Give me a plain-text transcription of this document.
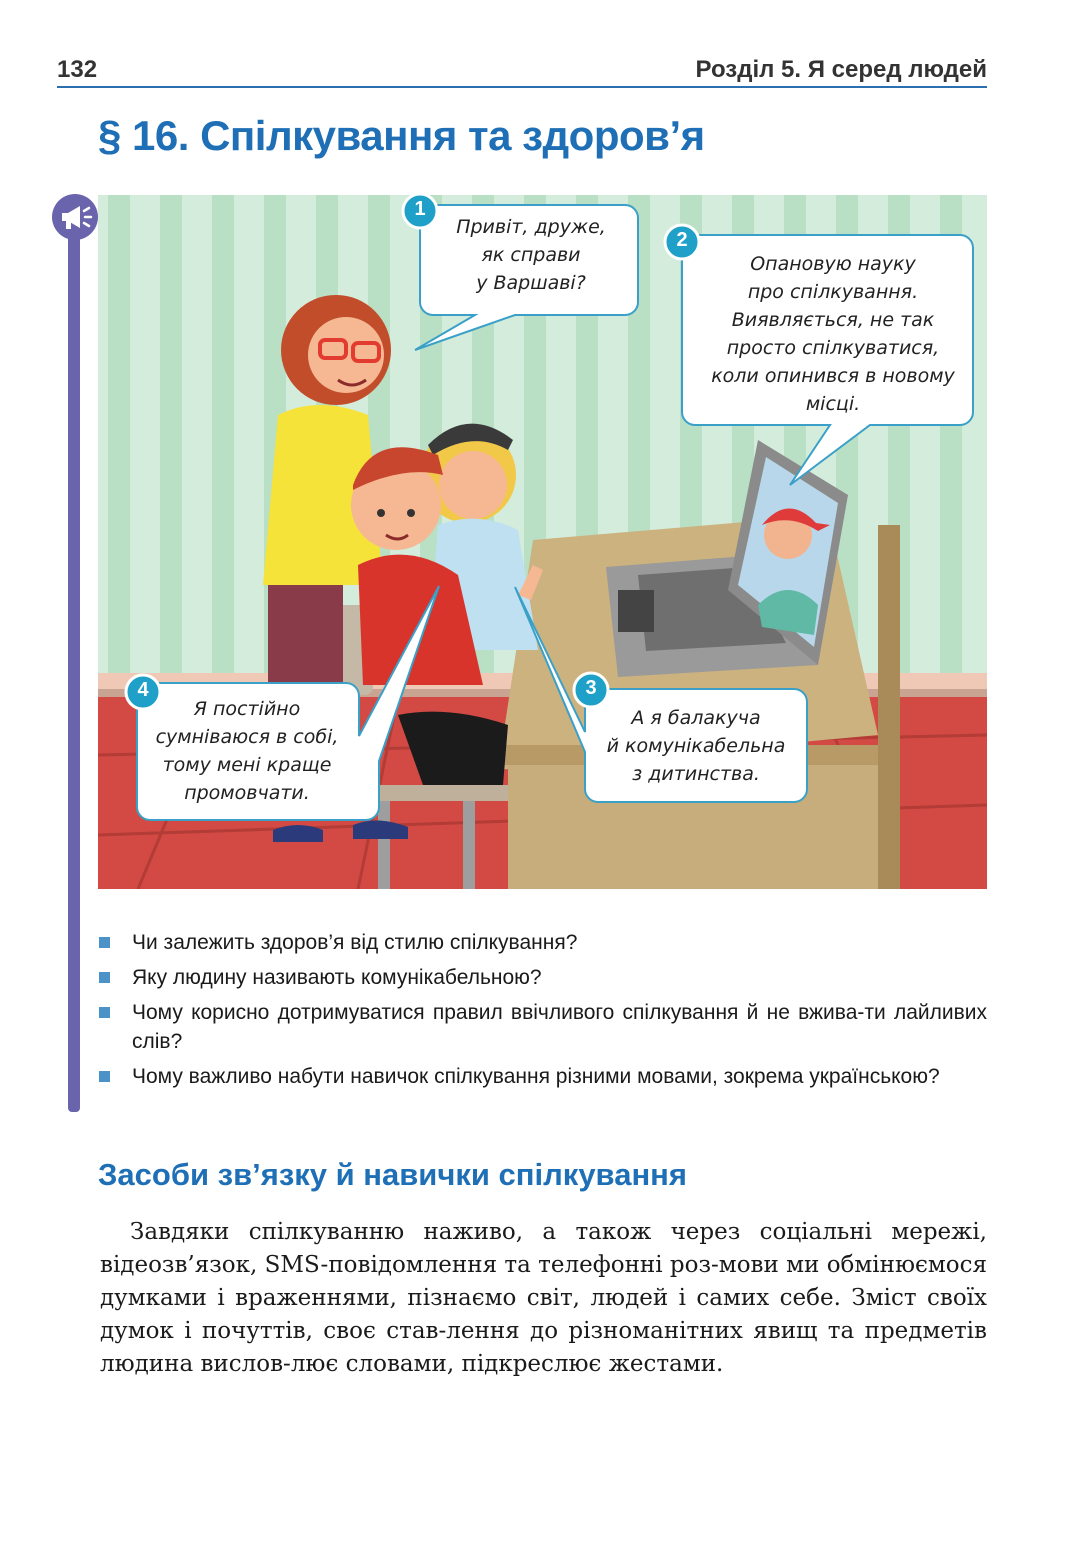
132	Розділ 5. Я серед людей
§ 16. Спілкування та здоров’я
1
2
3
4
Привіт, друже,
як справи
у Варшаві?
Опановую науку
про спілкування.
Виявляється, не так
просто спілкуватися,
коли опинився в новому
місці.
А я балакуча
й комунікабельна
з дитинства.
Я постійно
сумніваюся в собі,
тому мені краще
промовчати.
Чи залежить здоров’я від стилю спілкування?
Яку людину називають комунікабельною?
Чому корисно дотримуватися правил ввічливого спілкування й не вжива-ти лайливих слів?
Чому важливо набути навичок спілкування різними мовами, зокрема українською?
Засоби зв’язку й навички спілкування

Завдяки спілкуванню наживо, а також через соціальні мережі, відеозв’язок, SMS-повідомлення та телефонні роз-мови ми обмінюємося думками і враженнями, пізнаємо світ, людей і самих себе. Зміст своїх думок і почуттів, своє став-лення до різноманітних явищ та предметів людина вислов-лює словами, підкреслює жестами.
